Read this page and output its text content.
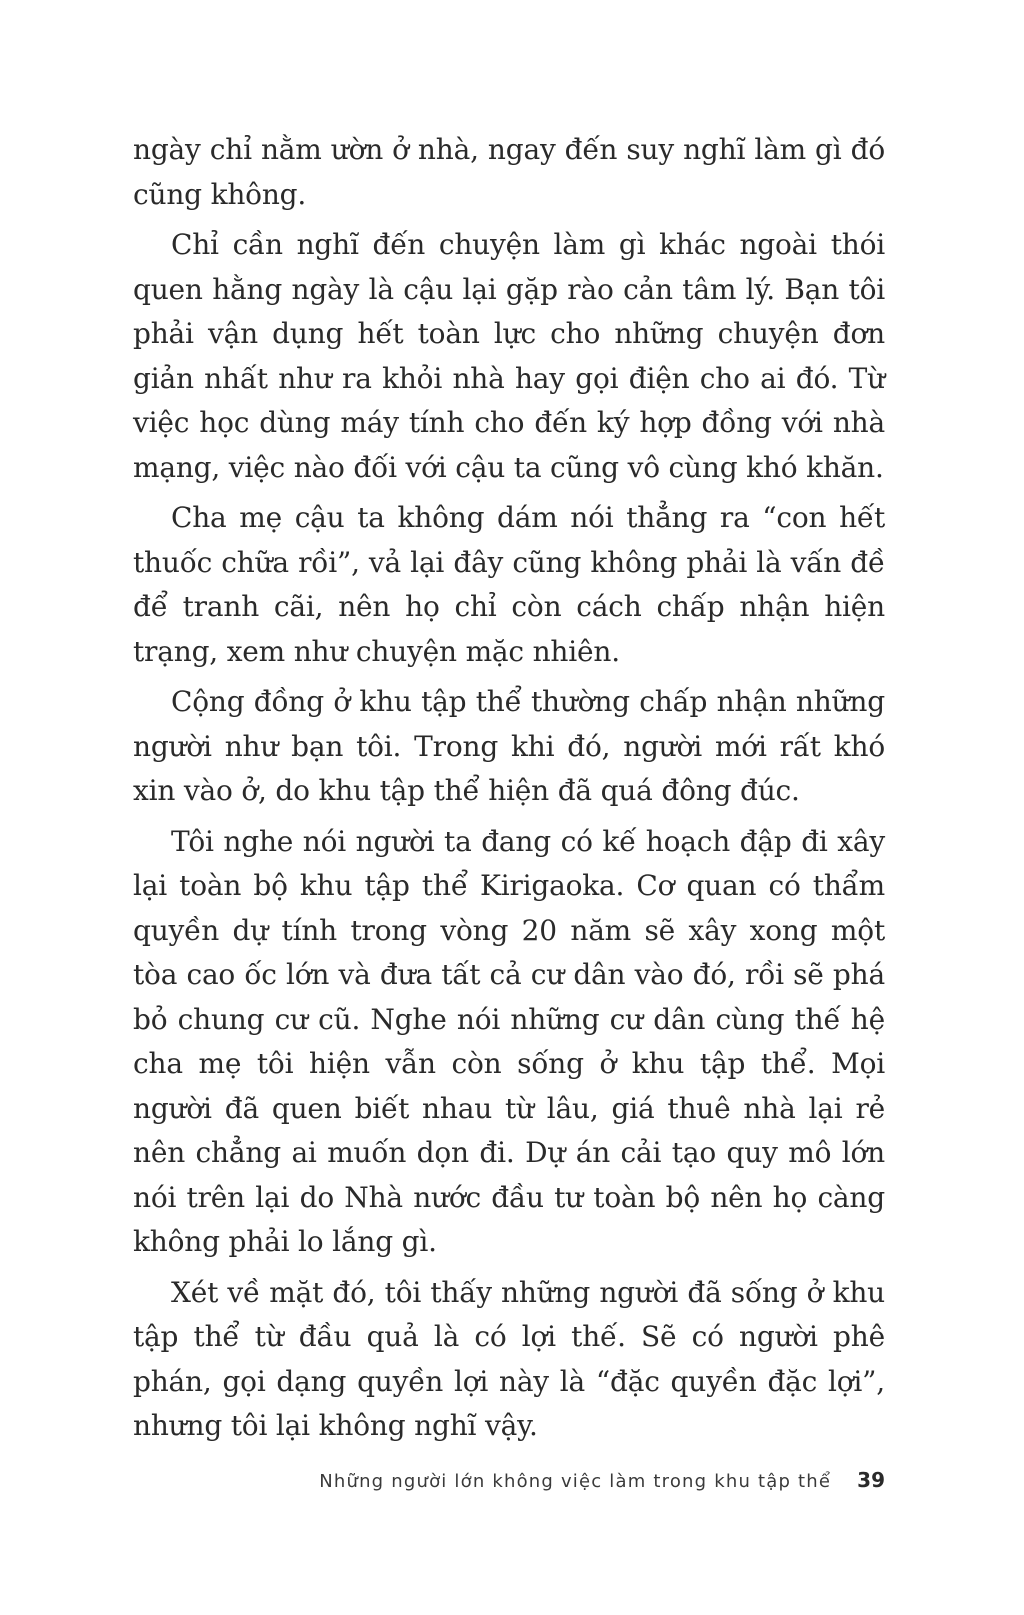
ngày chỉ nằm ườn ở nhà, ngay đến suy nghĩ làm gì đó cũng không.

Chỉ cần nghĩ đến chuyện làm gì khác ngoài thói quen hằng ngày là cậu lại gặp rào cản tâm lý. Bạn tôi phải vận dụng hết toàn lực cho những chuyện đơn giản nhất như ra khỏi nhà hay gọi điện cho ai đó. Từ việc học dùng máy tính cho đến ký hợp đồng với nhà mạng, việc nào đối với cậu ta cũng vô cùng khó khăn.

Cha mẹ cậu ta không dám nói thẳng ra “con hết thuốc chữa rồi”, vả lại đây cũng không phải là vấn đề để tranh cãi, nên họ chỉ còn cách chấp nhận hiện trạng, xem như chuyện mặc nhiên.

Cộng đồng ở khu tập thể thường chấp nhận những người như bạn tôi. Trong khi đó, người mới rất khó xin vào ở, do khu tập thể hiện đã quá đông đúc.

Tôi nghe nói người ta đang có kế hoạch đập đi xây lại toàn bộ khu tập thể Kirigaoka. Cơ quan có thẩm quyền dự tính trong vòng 20 năm sẽ xây xong một tòa cao ốc lớn và đưa tất cả cư dân vào đó, rồi sẽ phá bỏ chung cư cũ. Nghe nói những cư dân cùng thế hệ cha mẹ tôi hiện vẫn còn sống ở khu tập thể. Mọi người đã quen biết nhau từ lâu, giá thuê nhà lại rẻ nên chẳng ai muốn dọn đi. Dự án cải tạo quy mô lớn nói trên lại do Nhà nước đầu tư toàn bộ nên họ càng không phải lo lắng gì.

Xét về mặt đó, tôi thấy những người đã sống ở khu tập thể từ đầu quả là có lợi thế. Sẽ có người phê phán, gọi dạng quyền lợi này là “đặc quyền đặc lợi”, nhưng tôi lại không nghĩ vậy.

Những người lớn không việc làm trong khu tập thể 39
